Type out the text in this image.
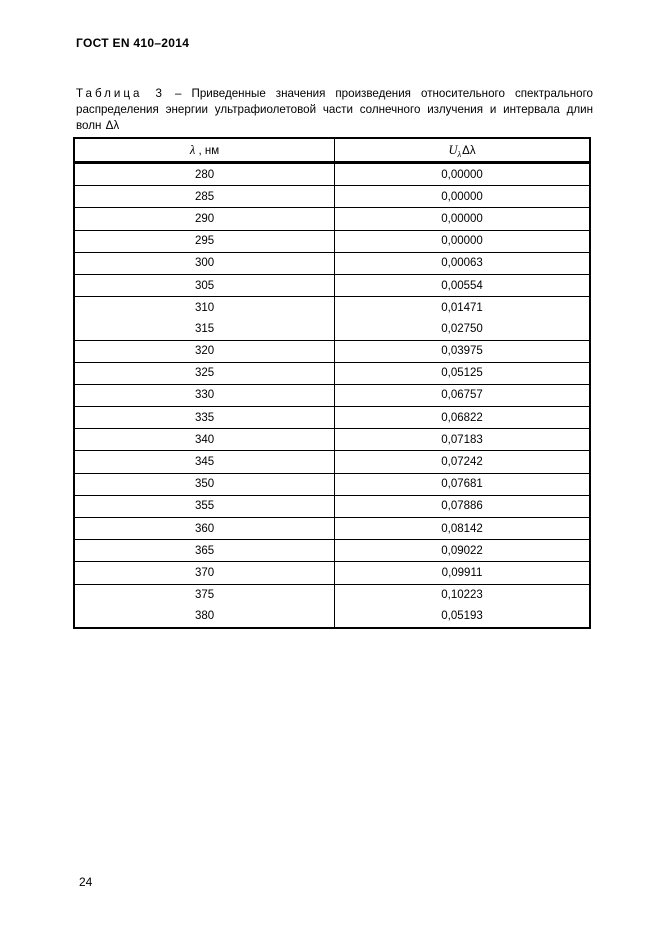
ГОСТ EN 410–2014

Таблица 3 – Приведенные значения произведения относительного спектрального распределения энергии ультрафиолетовой части солнечного излучения и интервала длин волн Δλ

λ , нм	$U_\lambda\Delta\lambda$
280	0,00000
285	0,00000
290	0,00000
295	0,00000
300	0,00063
305	0,00554
310	0,01471
315	0,02750
320	0,03975
325	0,05125
330	0,06757
335	0,06822
340	0,07183
345	0,07242
350	0,07681
355	0,07886
360	0,08142
365	0,09022
370	0,09911
375	0,10223
380	0,05193
24
